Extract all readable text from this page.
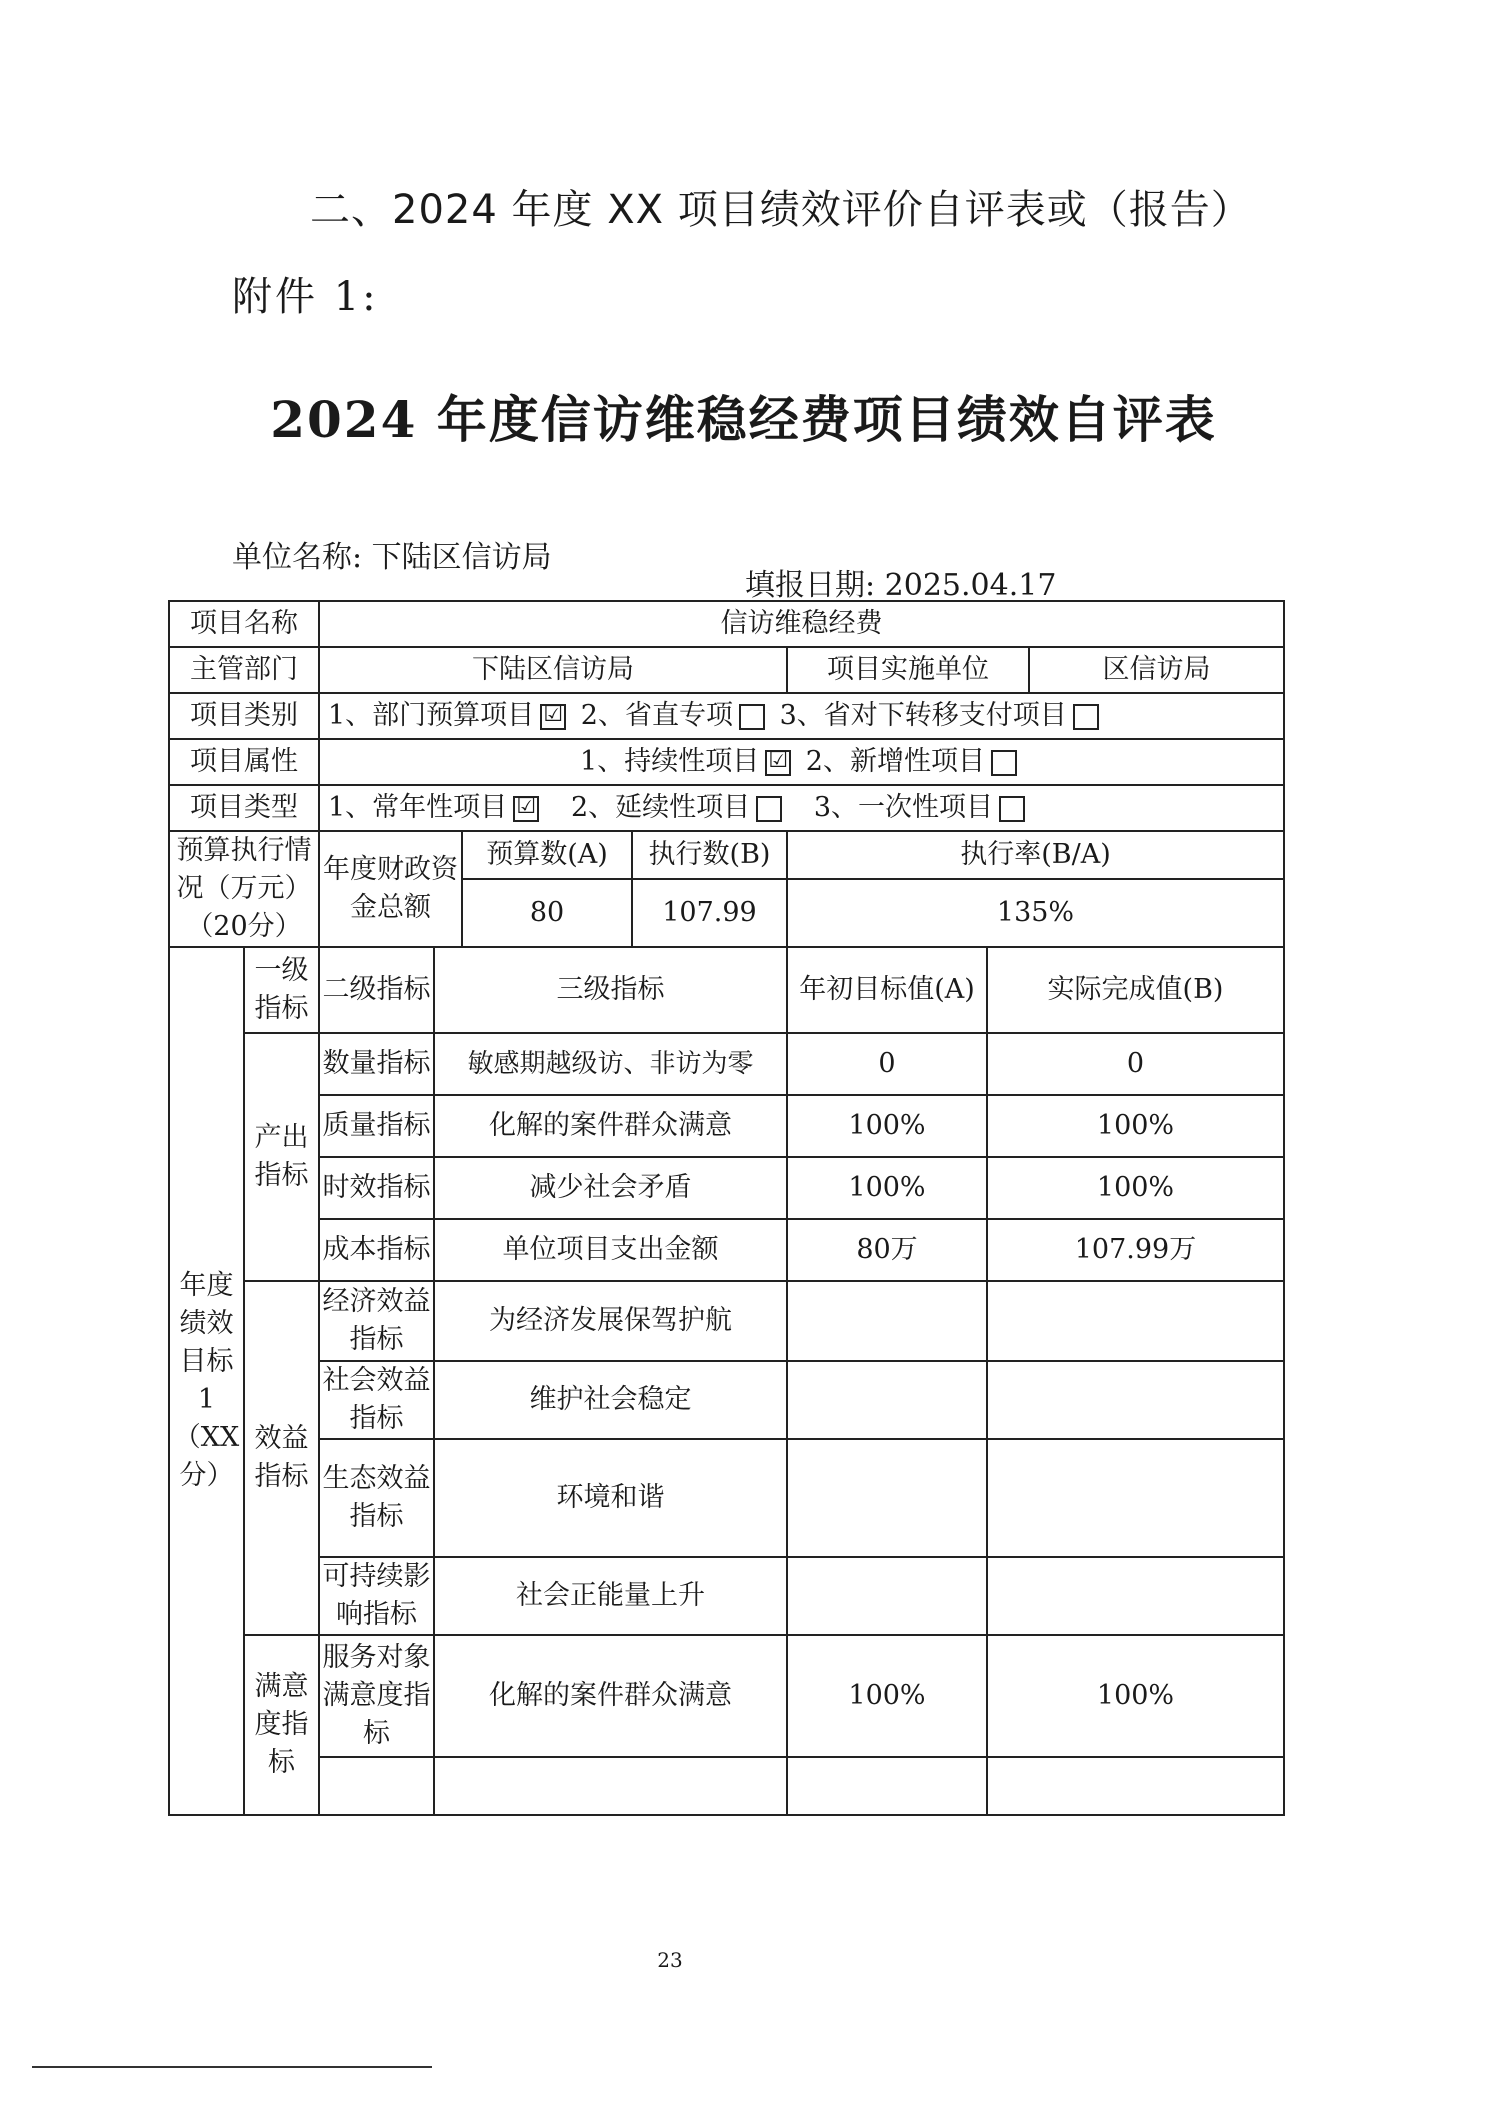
二、2024 年度 XX 项目绩效评价自评表或（报告）
附件 1:
2024 年度信访维稳经费项目绩效自评表
单位名称: 下陆区信访局
填报日期: 2025.04.17
项目名称		信访维稳经费						
主管部门		下陆区信访局				项目实施单位		区信访局
项目类别		1、部门预算项目 ☑ 2、省直专项 3、省对下转移支付项目						
项目属性		1、持续性项目 ☑ 2、新增性项目						
项目类型		1、常年性项目 ☑ 2、延续性项目 3、一次性项目						
预算执行情况（万元）（20分）		年度财政资金总额		预算数(A)	执行数(B)	执行率(B/A)		
				80	107.99	135%		
年度绩效目标1（XX分）	一级指标	二级指标	三级指标			年初目标值(A)	实际完成值(B)	
	产出指标	数量指标	敏感期越级访、非访为零			0	0	
		质量指标	化解的案件群众满意			100%	100%	
		时效指标	减少社会矛盾			100%	100%	
		成本指标	单位项目支出金额			80万	107.99万	
	效益指标	经济效益指标	为经济发展保驾护航					
		社会效益指标	维护社会稳定					
		生态效益指标	环境和谐					
		可持续影响指标	社会正能量上升					
	满意度指标	服务对象满意度指标	化解的案件群众满意			100%	100%	

23
